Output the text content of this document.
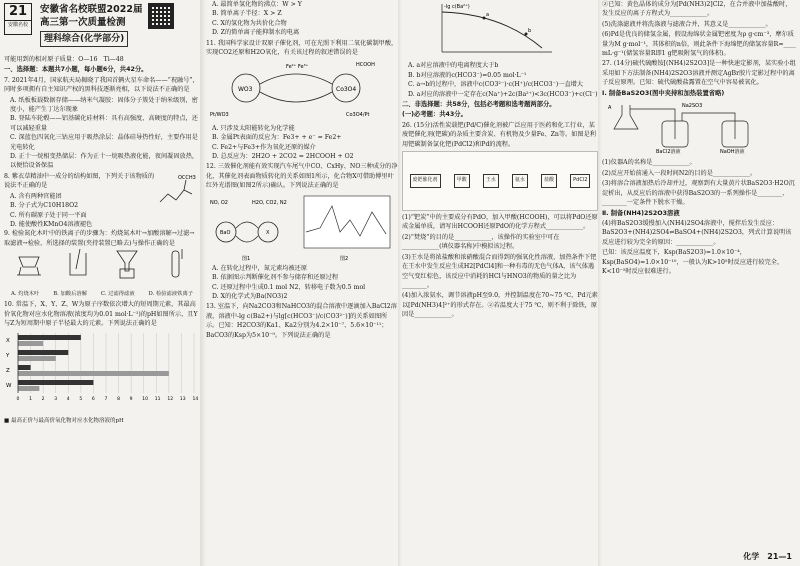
21
安徽名校
安徽省名校联盟2022届
高三第一次质量检测
理科综合(化学部分)

可能用到的相对原子质量：O—16　Ti—48

一、选择题：本题共7小题，每小题6分，共42分。

7. 2021年4月，国家航天局揭晓了我国首辆火星车命名——“祝融号”，同时多项拥有自主知识产权的黑科技逐渐亮相，以下说法不正确的是

A. 纸板板载数据存储——纳米气凝胶：固体分子簇处于纳米级别，密度小，能产生丁达尔现象

B. 登陆车轮毂——铝基碳化硅材料：具有高强度、高硬度的特点，还可以减轻重量

C. 深蓝色四氧化三钴应用于吸热涂层：晶体硅导热性好，主要作用是光电转化

D. 正十一烷相变热储层：作为正十一烷吸热液化能，夜间凝固放热，以便恰设备保温

8. 紫衣草精油中一成分的结构如图，下列关于该物质的说法不正确的是

A. 含有两种官能团

B. 分子式为C10H18O2

C. 所有碳原子处于同一平面

D. 能使酸性KMnO4溶液褪色

OCCH3

9. 检验氮化木叶中的铁离子的步骤为：灼烧氮木叶→加酸溶解→过滤→取滤液→检验，所选择的装置(夹持装置已略去)与操作正确的是

A. 灼烧木叶	B. 加酸后溶解	C. 过滤得滤液	D. 检验滤液铁离子

10. 常温下，X、Y、Z、W为原子序数依次增大的短周期元素，其最高价氧化物对应水化物溶液(浓度均为0.01 mol·L⁻¹)的pH如图所示，且Y与Z为短周期中原子半径最大的元素。下列说法正确的是

0 1 2 3 4 5 6 7 8 9 10 11 12 13 14
X
Y
Z
W

■ 最高正价与最高价氧化物对应水化物溶液的pH

A. 最简单氢化物的沸点：W > Y

B. 简单离子半径：X > Z

C. X的氢化物为共价化合物

D. Z的简单离子能抑制水的电离

11. 我国科学家设计双原子催化剂，可在光照下利用二氧化碳制甲酸，实现CO2还原和H2O氧化，有关该过程的叙述错误的是

WO3	Co3O4
Fe²⁺ Fe³⁺	HCOOH
Pt/WO3	Co3O4/Pt

A. 只涉及太阳能转化为化学能

B. 金属Pt表面的反应为：Fe3+ + e⁻ = Fe2+

C. Fe2+与Fe3+作为氧化还原的媒介

D. 总反应为：2H2O + 2CO2 = 2HCOOH + O2

12. 三效催化剂能有效实现汽车尾气中CO、CxHy、NO三种成分的净化，其催化剂表面物质转化的关系如图1所示，化合物X可借助傅里叶红外光谱图(如图2所示)确认。下列说法正确的是

BaO	X
NO, O2	H2O, CO2, N2
图1	图2

A. 在转化过程中，氮元素均被还原

B. 依据图示判断催化剂不参与储存和还原过程

C. 还原过程中生成0.1 mol N2，转移电子数为0.5 mol

D. X的化学式为Ba(NO3)2

13. 室温下，向Na2CO3和NaHCO3的混合溶液中逐滴加入BaCl2溶液，溶液中-lg c(Ba2+)与lg[c(HCO3⁻)/c(CO3²⁻)]的关系如图所示。已知：H2CO3的Ka1、Ka2分别为4.2×10⁻⁷、5.6×10⁻¹¹；BaCO3的Ksp为5×10⁻⁹。下列说法正确的是

-lg c(Ba²⁺)
a
b

A. a对应溶液中的电离程度大于b

B. b对应溶液的c(HCO3⁻)=0.05 mol·L⁻¹

C. a→b的过程中，溶液中c(CO3²⁻)·c(H⁺)/c(HCO3⁻)一直增大

D. a对应的溶液中一定存在c(Na⁺)+2c(Ba²⁺)<3c(HCO3⁻)+c(Cl⁻)

二、非选择题：共58分，包括必考题和选考题两部分。

(一)必考题：共43分。

26. (15分)活性炭载钯(Pd/C)催化剂被广泛应用于医药和化工行业，某废钯催化剂(钯碳)的杂质主要含炭、有机物及少量Fe、Zn等。如图是利用钯碳制备氯化钯(PdCl2)和Pd的流程。

废钯催化剂	甲酸	王水	氨水	盐酸	PdCl2

(1)“钯炭”中的主要成分有PdO，加入甲酸(HCOOH)，可以将PdO还原成金属单质，请写出HCOOH还原PdO的化学方程式____________。

(2)“焚烧”的目的是____________，该操作的实验室中可在____________(填仪器名称)中模拟该过程。

(3)王水是将浓盐酸和浓硝酸混合而得到的强氧化性溶液，加热条件下钯在王水中发生反应生成H2[PdCl4]和一种有毒的无色气体A，该气体遇空气变红棕色，该反应中消耗的HCl与HNO3的物质的量之比为________。

(4)加入浓氨水，调节溶液pH至9.0，并控制温度在70~75 ℃，Pd元素以[Pd(NH3)4]²⁺的形式存在。②若温度大于75 ℃，则不利于除铁，原因是____________。

②已知：黄色晶体的成分为[Pd(NH3)2]Cl2，在合并液中加盐酸时，发生反应的离子方程式为____________。

(5)洗涤滤液并将洗涤液与滤液合并，其意义是____________。

(6)Pd是优良的储氢金属，假设海绵状金属钯密度为ρ g·cm⁻³，摩尔质量为M g·mol⁻¹，其体积的n倍，则此条件下海绵钯的储氢容量R=____ mL·g⁻¹(储氢容量R即1 g钯吸附氢气的体积)。

27. (14分)硫代硫酸铵[(NH4)2S2O3]是一种快速定影剂，某实验小组采用如下方法制备(NH4)2S2O3溶液并测定AgBr胶片定影过程中的离子反应原理。已知：硫代硫酸盐露置在空气中容易被氧化。

Ⅰ. 制备BaS2O3(图中夹持和加热装置省略)

A	Na2SO3
BaCl2溶液	NaOH溶液

(1)仪器A的名称是____________。

(2)反应开始前通入一段时间N2的目的是____________。

(3)将溶合溶液加热后冷却并过，观察到有大量黄片状BaS2O3·H2O沉淀析出，从反应后的溶液中获得BaS2O3的一系列操作是________、________一定条件下脱水干燥。

Ⅱ. 制备(NH4)2S2O3溶液

(4)将BaS2O3缓慢加入(NH4)2SO4溶液中，搅拌后发生反应：BaS2O3+(NH4)2SO4⇌BaSO4+(NH4)2S2O3，列式计算说明该反应进行较为完全的原因：____________。

已知：该反应温度下，Ksp(BaS2O3)=1.0×10⁻⁴，Ksp(BaSO4)=1.0×10⁻¹⁰，一般认为K>10⁵时反应进行较完全，K<10⁻⁵时反应很难进行。

化学　21—1
